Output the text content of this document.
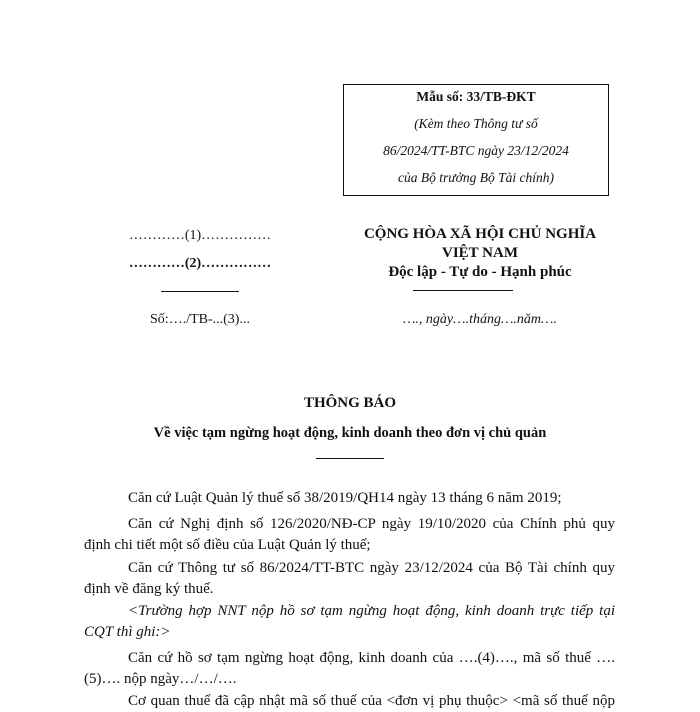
Mẫu số: 33/TB-ĐKT
(Kèm theo Thông tư số
86/2024/TT-BTC ngày 23/12/2024
của Bộ trưởng Bộ Tài chính)
…………(1)……………
…………(2)……………
Số:…./TB-...(3)...
CỘNG HÒA XÃ HỘI CHỦ NGHĨA
VIỆT NAM
Độc lập - Tự do - Hạnh phúc
…., ngày….tháng….năm….
THÔNG BÁO
Về việc tạm ngừng hoạt động, kinh doanh theo đơn vị chủ quản
Căn cứ Luật Quản lý thuế số 38/2019/QH14 ngày 13 tháng 6 năm 2019;
Căn cứ Nghị định số 126/2020/NĐ-CP ngày 19/10/2020 của Chính phủ quy
định chi tiết một số điều của Luật Quản lý thuế;
Căn cứ Thông tư số 86/2024/TT-BTC ngày 23/12/2024 của Bộ Tài chính quy
định về đăng ký thuế.
<Trường hợp NNT nộp hồ sơ tạm ngừng hoạt động, kinh doanh trực tiếp tại
CQT thì ghi:>
Căn cứ hồ sơ tạm ngừng hoạt động, kinh doanh của ….(4)…., mã số thuế ….
(5)…. nộp ngày…/…/….
Cơ quan thuế đã cập nhật mã số thuế của <đơn vị phụ thuộc> <mã số thuế nộp
